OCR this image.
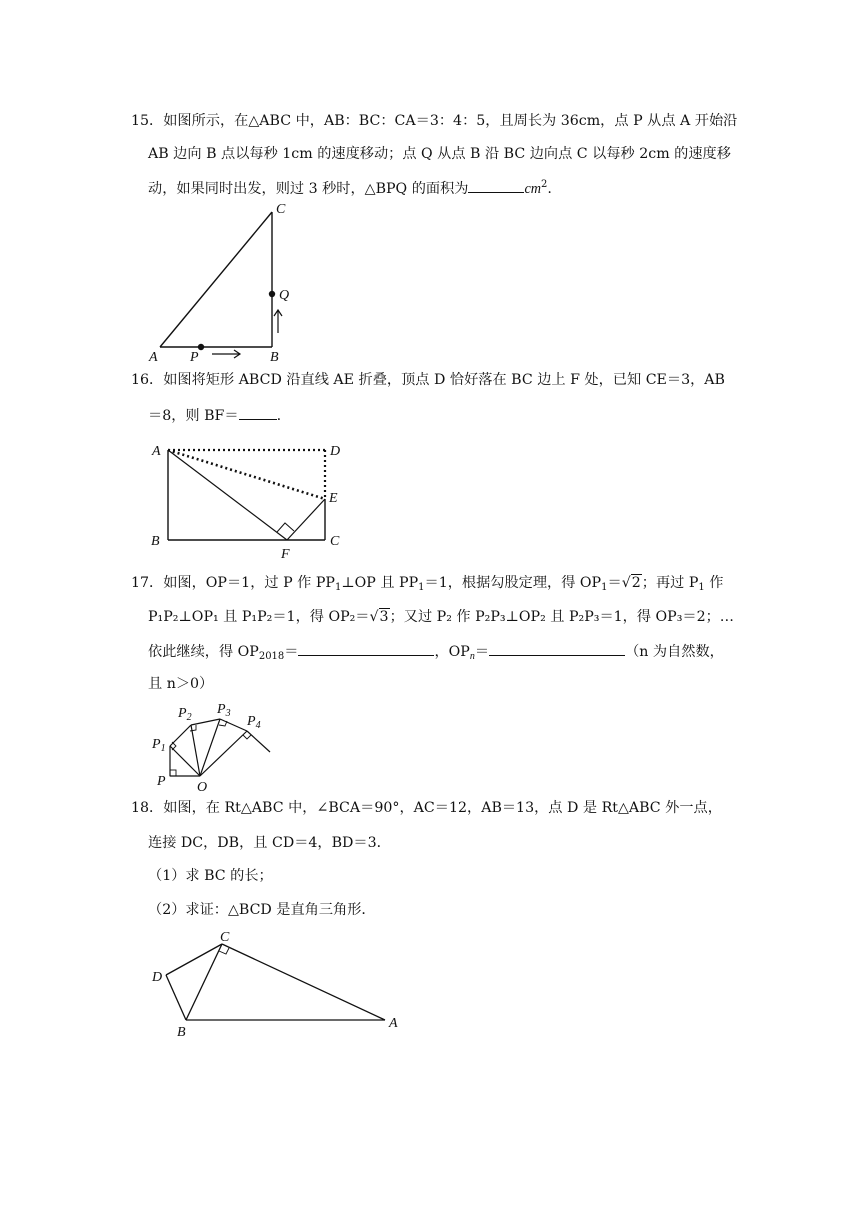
15．如图所示，在△ABC 中，AB：BC：CA＝3：4：5，且周长为 36cm，点 P 从点 A 开始沿
AB 边向 B 点以每秒 1cm 的速度移动；点 Q 从点 B 沿 BC 边向点 C 以每秒 2cm 的速度移
动，如果同时出发，则过 3 秒时，△BPQ 的面积为	$cm^2$.
A P	B
C
Q
16．如图将矩形 ABCD 沿直线 AE 折叠，顶点 D 恰好落在 BC 边上 F 处，已知 CE＝3，AB
＝8，则 BF＝	.
A	D
E
B	C
F
17．如图，OP＝1，过 P 作 $PP_1\perp OP$ 且 $PP_1=1$，根据勾股定理，得 $OP_1=√2$；再过 $P_1$ 作
P₁P₂⊥OP₁ 且 P₁P₂＝1，得 OP₂＝√3；又过 P₂ 作 P₂P₃⊥OP₂ 且 P₂P₃＝1，得 OP₃＝2；…
依此继续，得 $OP_{2018}=$	，$OP_n=$	（n 为自然数，
且 n＞0）
P O
$P_1$
$P_2$
$P_3$
$P_4$
18．如图，在 Rt△ABC 中，∠BCA＝90°，AC＝12，AB＝13，点 D 是 Rt△ABC 外一点，
连接 DC，DB，且 CD＝4，BD＝3．
（1）求 BC 的长；
（2）求证：△BCD 是直角三角形．
C
D
B
A
